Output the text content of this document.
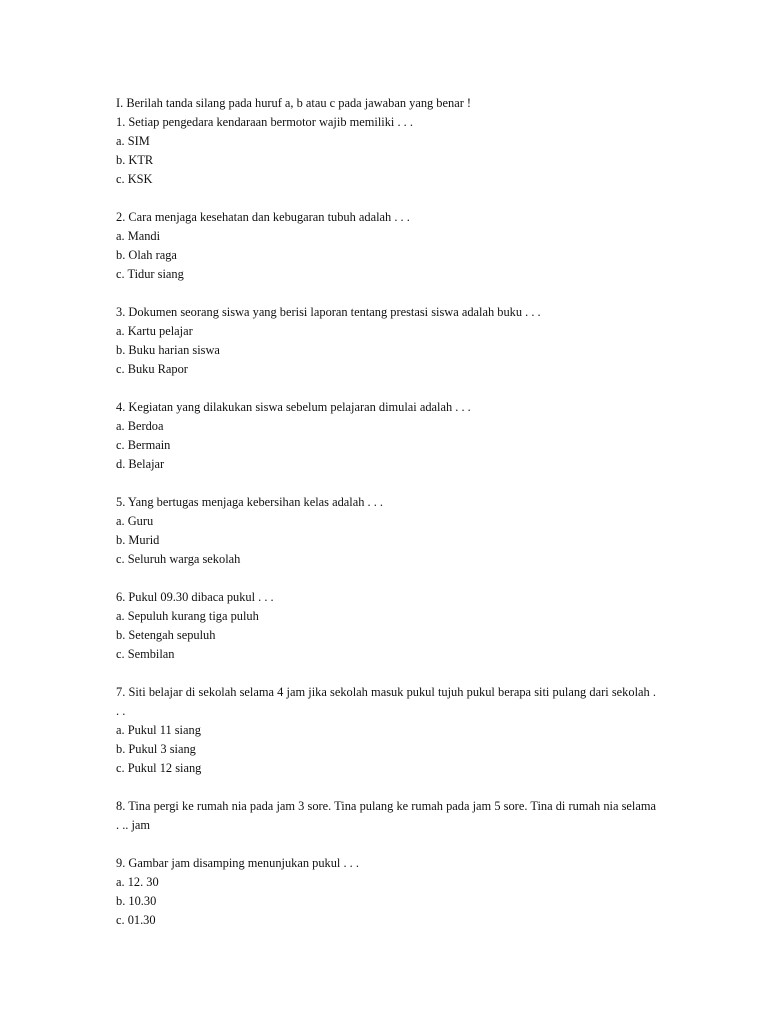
I. Berilah tanda silang pada huruf a, b atau c pada jawaban yang benar !
1. Setiap pengedara kendaraan bermotor wajib memiliki . . .
a. SIM
b. KTR
c. KSK
2. Cara menjaga kesehatan dan kebugaran tubuh adalah . . .
a. Mandi
b. Olah raga
c. Tidur siang
3. Dokumen seorang siswa yang berisi laporan tentang prestasi siswa adalah buku . . .
a. Kartu pelajar
b. Buku harian siswa
c. Buku Rapor
4. Kegiatan yang dilakukan siswa sebelum pelajaran dimulai adalah . . .
a. Berdoa
c. Bermain
d. Belajar
5. Yang bertugas menjaga kebersihan kelas adalah . . .
a. Guru
b. Murid
c. Seluruh warga sekolah
6. Pukul 09.30 dibaca pukul . . .
a. Sepuluh kurang tiga puluh
b. Setengah sepuluh
c. Sembilan
7. Siti belajar di sekolah selama 4 jam jika sekolah masuk pukul tujuh pukul berapa siti pulang dari sekolah . . .
a. Pukul 11 siang
b. Pukul 3 siang
c. Pukul 12 siang
8. Tina pergi ke rumah nia pada jam 3 sore. Tina pulang ke rumah pada jam 5 sore. Tina di rumah nia selama . .. jam
9. Gambar jam disamping menunjukan pukul . . .
a. 12. 30
b. 10.30
c. 01.30
